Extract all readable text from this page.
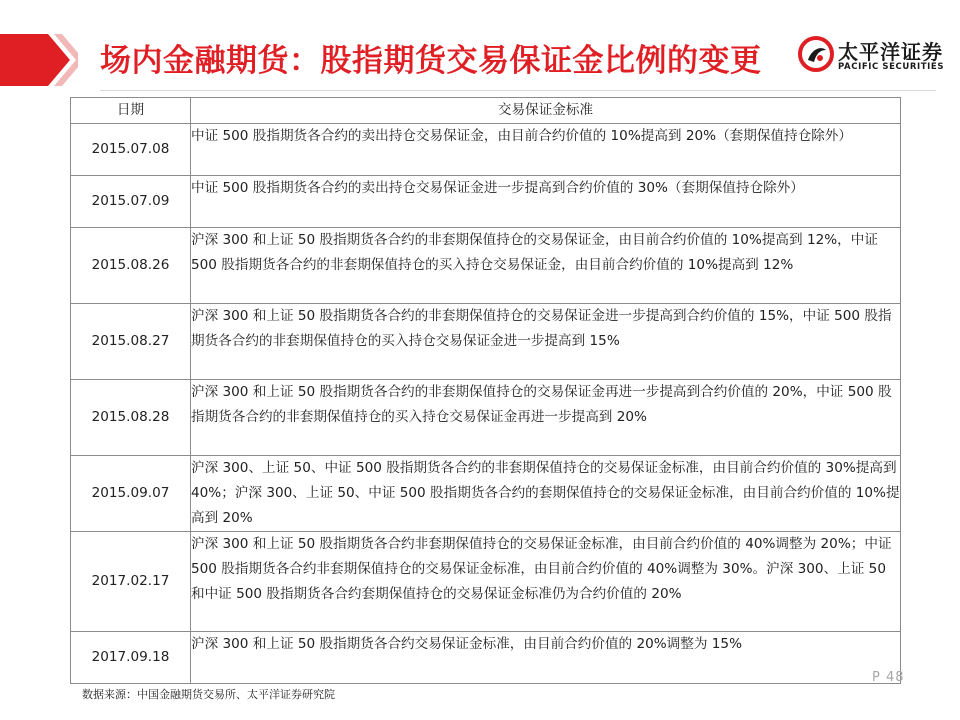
场内金融期货：股指期货交易保证金比例的变更	太平洋证券
PACIFIC SECURITIES
日期	交易保证金标准
2015.07.08	中证 500 股指期货各合约的卖出持仓交易保证金，由目前合约价值的 10%提高到 20%（套期保值持仓除外）
2015.07.09	中证 500 股指期货各合约的卖出持仓交易保证金进一步提高到合约价值的 30%（套期保值持仓除外）
2015.08.26	沪深 300 和上证 50 股指期货各合约的非套期保值持仓的交易保证金，由目前合约价值的 10%提高到 12%，中证 500 股指期货各合约的非套期保值持仓的买入持仓交易保证金，由目前合约价值的 10%提高到 12%
2015.08.27	沪深 300 和上证 50 股指期货各合约的非套期保值持仓的交易保证金进一步提高到合约价值的 15%，中证 500 股指期货各合约的非套期保值持仓的买入持仓交易保证金进一步提高到 15%
2015.08.28	沪深 300 和上证 50 股指期货各合约的非套期保值持仓的交易保证金再进一步提高到合约价值的 20%，中证 500 股指期货各合约的非套期保值持仓的买入持仓交易保证金再进一步提高到 20%
2015.09.07	沪深 300、上证 50、中证 500 股指期货各合约的非套期保值持仓的交易保证金标准，由目前合约价值的 30%提高到 40%；沪深 300、上证 50、中证 500 股指期货各合约的套期保值持仓的交易保证金标准，由目前合约价值的 10%提高到 20%
2017.02.17	沪深 300 和上证 50 股指期货各合约非套期保值持仓的交易保证金标准，由目前合约价值的 40%调整为 20%；中证 500 股指期货各合约非套期保值持仓的交易保证金标准，由目前合约价值的 40%调整为 30%。沪深 300、上证 50 和中证 500 股指期货各合约套期保值持仓的交易保证金标准仍为合约价值的 20%
2017.09.18	沪深 300 和上证 50 股指期货各合约交易保证金标准，由目前合约价值的 20%调整为 15%
P 48
数据来源：中国金融期货交易所、太平洋证券研究院
